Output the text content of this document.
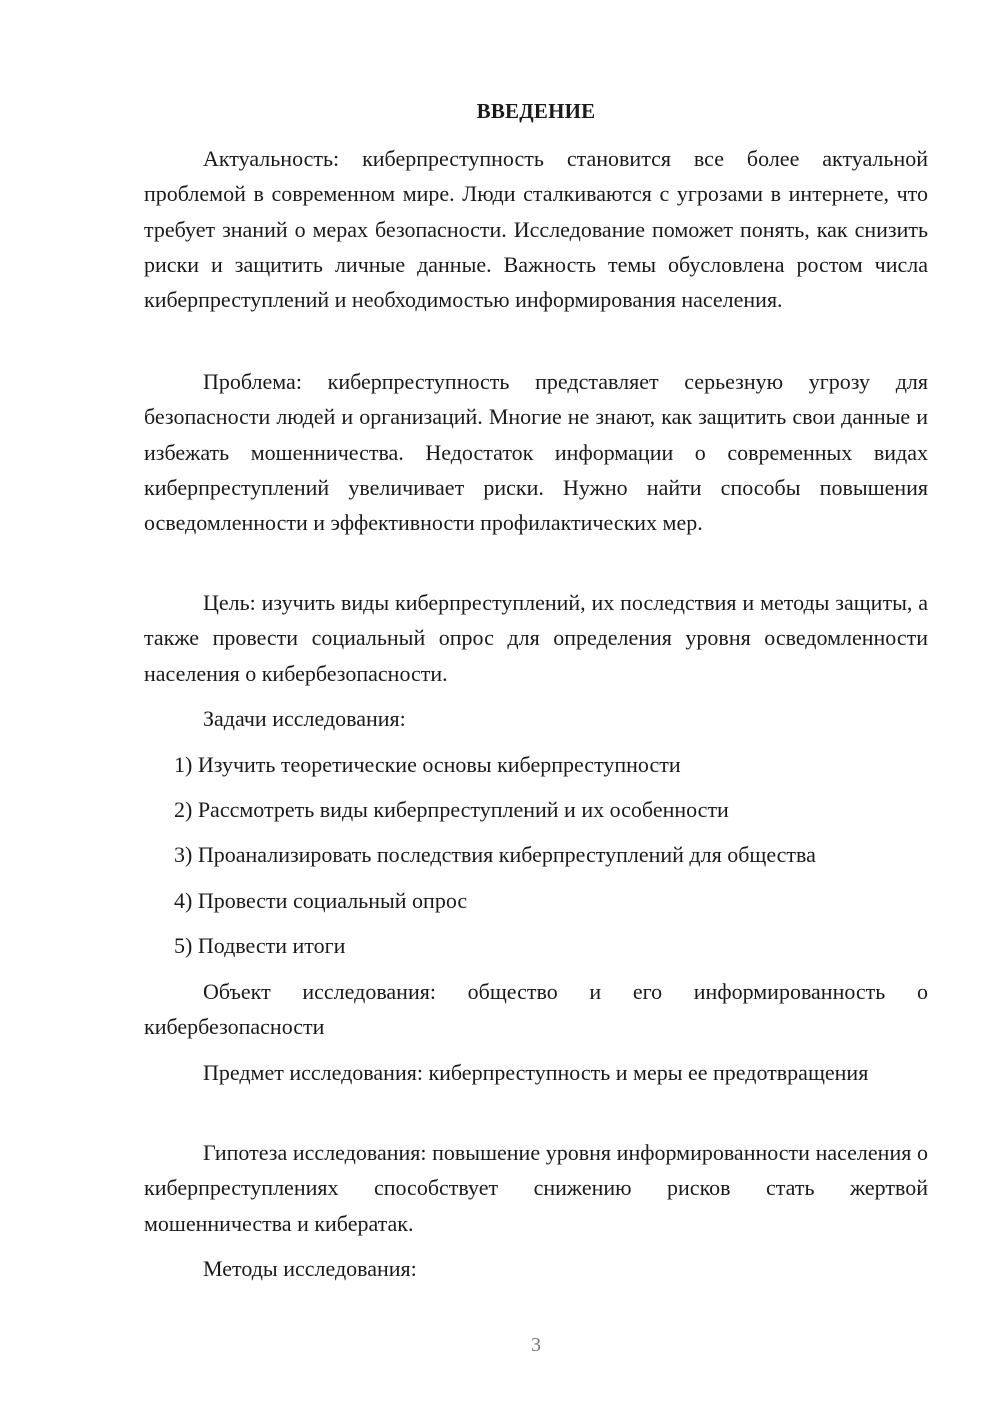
ВВЕДЕНИЕ

Актуальность: киберпреступность становится все более актуальной проблемой в современном мире. Люди сталкиваются с угрозами в интернете, что требует знаний о мерах безопасности. Исследование поможет понять, как снизить риски и защитить личные данные. Важность темы обусловлена ростом числа киберпреступлений и необходимостью информирования населения.

Проблема: киберпреступность представляет серьезную угрозу для безопасности людей и организаций. Многие не знают, как защитить свои данные и избежать мошенничества. Недостаток информации о современных видах киберпреступлений увеличивает риски. Нужно найти способы повышения осведомленности и эффективности профилактических мер.

Цель: изучить виды киберпреступлений, их последствия и методы защиты, а также провести социальный опрос для определения уровня осведомленности населения о кибербезопасности.

Задачи исследования:

1) Изучить теоретические основы киберпреступности

2) Рассмотреть виды киберпреступлений и их особенности

3) Проанализировать последствия киберпреступлений для общества

4) Провести социальный опрос

5) Подвести итоги

Объект исследования: общество и его информированность о кибербезопасности

Предмет исследования: киберпреступность и меры ее предотвращения

Гипотеза исследования: повышение уровня информированности населения о киберпреступлениях способствует снижению рисков стать жертвой мошенничества и кибератак.

Методы исследования:

3
